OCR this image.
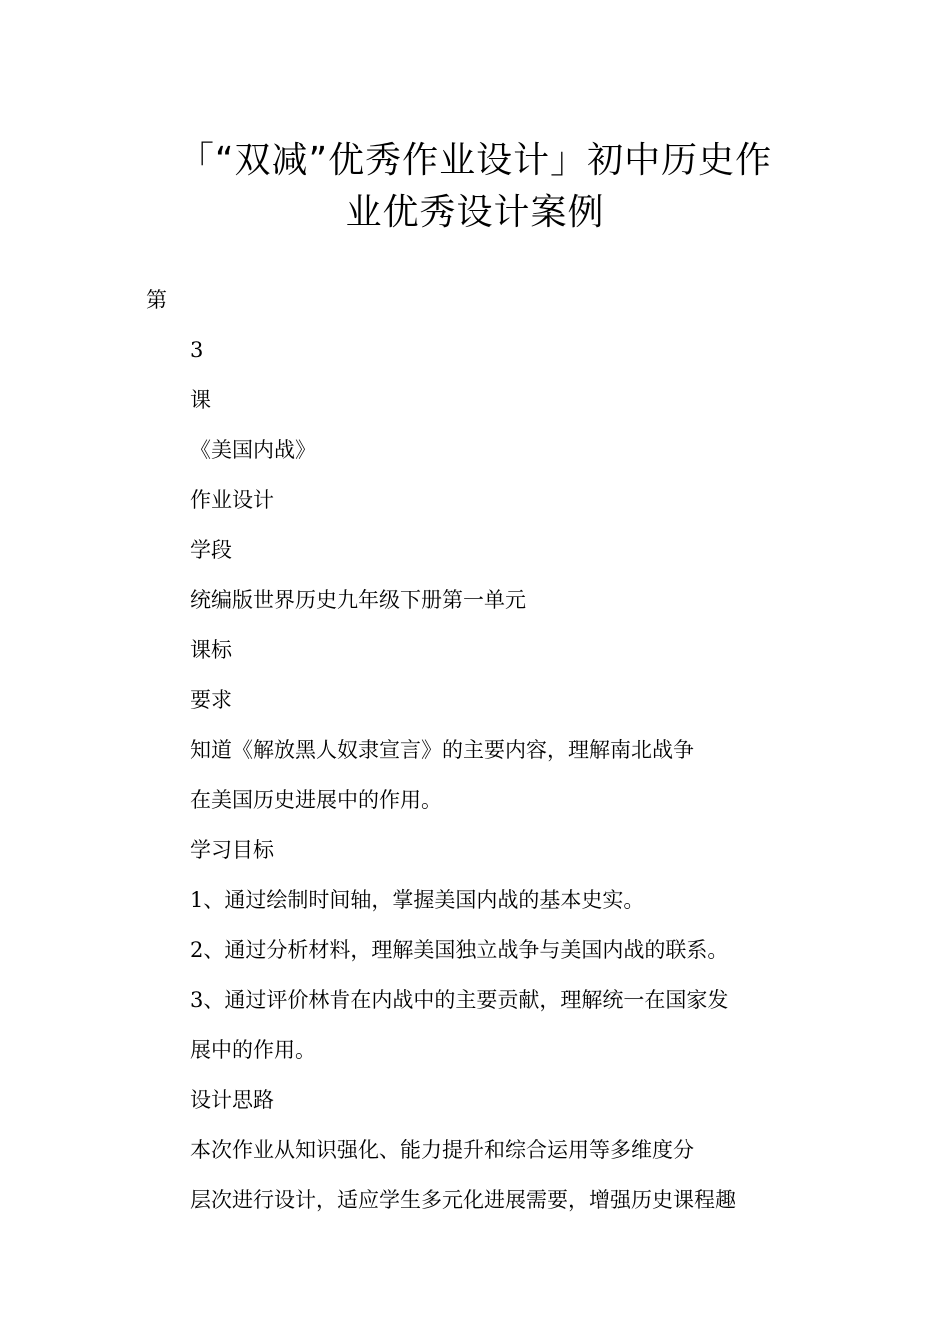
「“双减”优秀作业设计」初中历史作
业优秀设计案例
第
3
课
《美国内战》
作业设计
学段
统编版世界历史九年级下册第一单元
课标
要求
知道《解放黑人奴隶宣言》的主要内容，理解南北战争
在美国历史进展中的作用。
学习目标
1、通过绘制时间轴，掌握美国内战的基本史实。
2、通过分析材料，理解美国独立战争与美国内战的联系。
3、通过评价林肯在内战中的主要贡献，理解统一在国家发
展中的作用。
设计思路
本次作业从知识强化、能力提升和综合运用等多维度分
层次进行设计，适应学生多元化进展需要，增强历史课程趣
